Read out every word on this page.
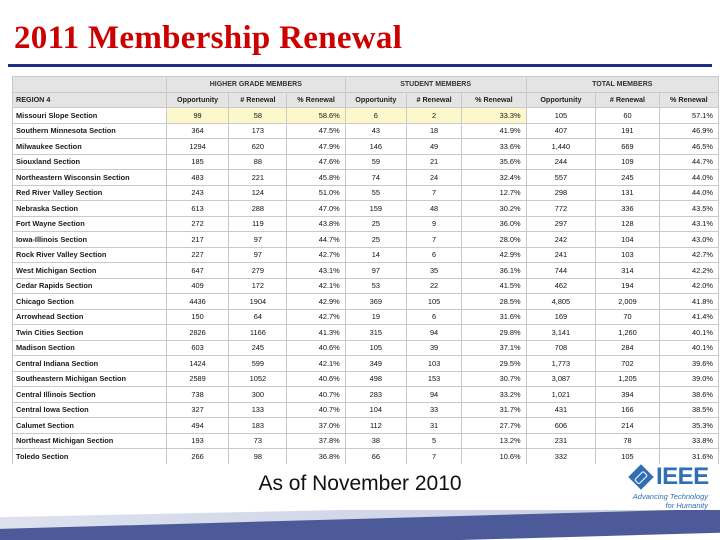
2011 Membership Renewal
	HIGHER GRADE MEMBERS			STUDENT MEMBERS			TOTAL MEMBERS		
REGION 4	Opportunity	# Renewal	% Renewal	Opportunity	# Renewal	% Renewal	Opportunity	# Renewal	% Renewal
Missouri Slope Section	99	58	58.6%	6	2	33.3%	105	60	57.1%
Southern Minnesota Section	364	173	47.5%	43	18	41.9%	407	191	46.9%
Milwaukee Section	1294	620	47.9%	146	49	33.6%	1,440	669	46.5%
Siouxland Section	185	88	47.6%	59	21	35.6%	244	109	44.7%
Northeastern Wisconsin Section	483	221	45.8%	74	24	32.4%	557	245	44.0%
Red River Valley Section	243	124	51.0%	55	7	12.7%	298	131	44.0%
Nebraska Section	613	288	47.0%	159	48	30.2%	772	336	43.5%
Fort Wayne Section	272	119	43.8%	25	9	36.0%	297	128	43.1%
Iowa-Illinois Section	217	97	44.7%	25	7	28.0%	242	104	43.0%
Rock River Valley Section	227	97	42.7%	14	6	42.9%	241	103	42.7%
West Michigan Section	647	279	43.1%	97	35	36.1%	744	314	42.2%
Cedar Rapids Section	409	172	42.1%	53	22	41.5%	462	194	42.0%
Chicago Section	4436	1904	42.9%	369	105	28.5%	4,805	2,009	41.8%
Arrowhead Section	150	64	42.7%	19	6	31.6%	169	70	41.4%
Twin Cities Section	2826	1166	41.3%	315	94	29.8%	3,141	1,260	40.1%
Madison Section	603	245	40.6%	105	39	37.1%	708	284	40.1%
Central Indiana Section	1424	599	42.1%	349	103	29.5%	1,773	702	39.6%
Southeastern Michigan Section	2589	1052	40.6%	498	153	30.7%	3,087	1,205	39.0%
Central Illinois Section	738	300	40.7%	283	94	33.2%	1,021	394	38.6%
Central Iowa Section	327	133	40.7%	104	33	31.7%	431	166	38.5%
Calumet Section	494	183	37.0%	112	31	27.7%	606	214	35.3%
Northeast Michigan Section	193	73	37.8%	38	5	13.2%	231	78	33.8%
Toledo Section	266	98	36.8%	66	7	10.6%	332	105	31.6%
As of November 2010	IEEE
Advancing Technology
for Humanity
